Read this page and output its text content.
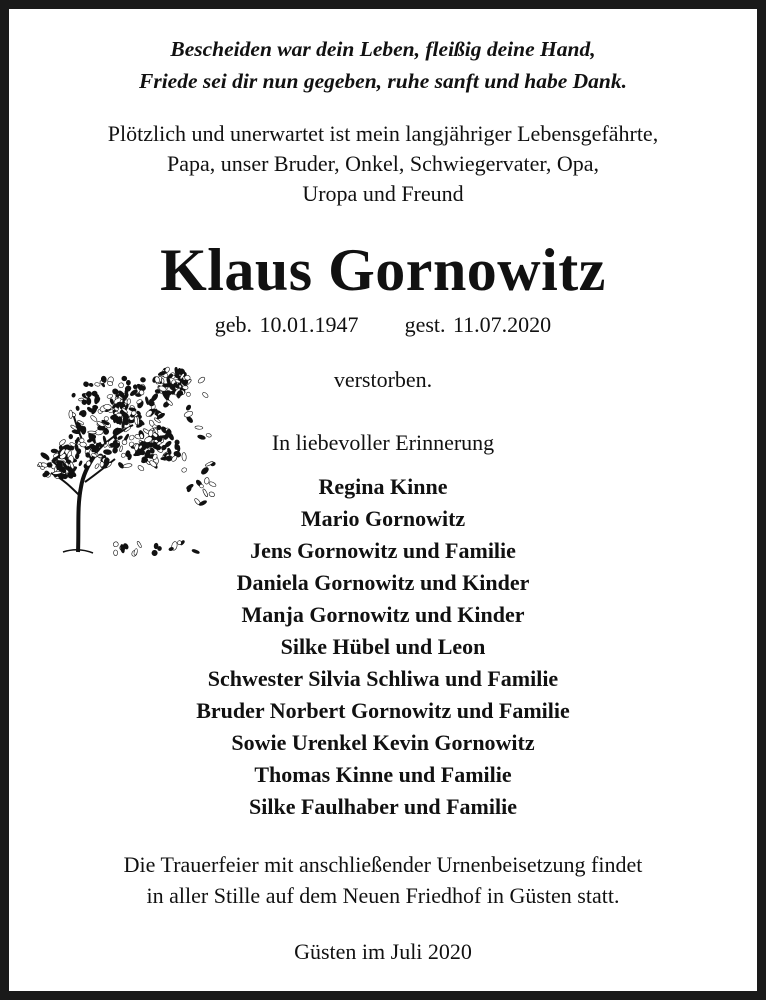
Bescheiden war dein Leben, fleißig deine Hand,
Friede sei dir nun gegeben, ruhe sanft und habe Dank.
Plötzlich und unerwartet ist mein langjähriger Lebensgefährte,
Papa, unser Bruder, Onkel, Schwiegervater, Opa,
Uropa und Freund
Klaus Gornowitz
geb. 10.01.1947 gest. 11.07.2020
verstorben.
In liebevoller Erinnerung
Regina Kinne
Mario Gornowitz
Jens Gornowitz und Familie
Daniela Gornowitz und Kinder
Manja Gornowitz und Kinder
Silke Hübel und Leon
Schwester Silvia Schliwa und Familie
Bruder Norbert Gornowitz und Familie
Sowie Urenkel Kevin Gornowitz
Thomas Kinne und Familie
Silke Faulhaber und Familie
Die Trauerfeier mit anschließender Urnenbeisetzung findet
in aller Stille auf dem Neuen Friedhof in Güsten statt.
Güsten im Juli 2020
